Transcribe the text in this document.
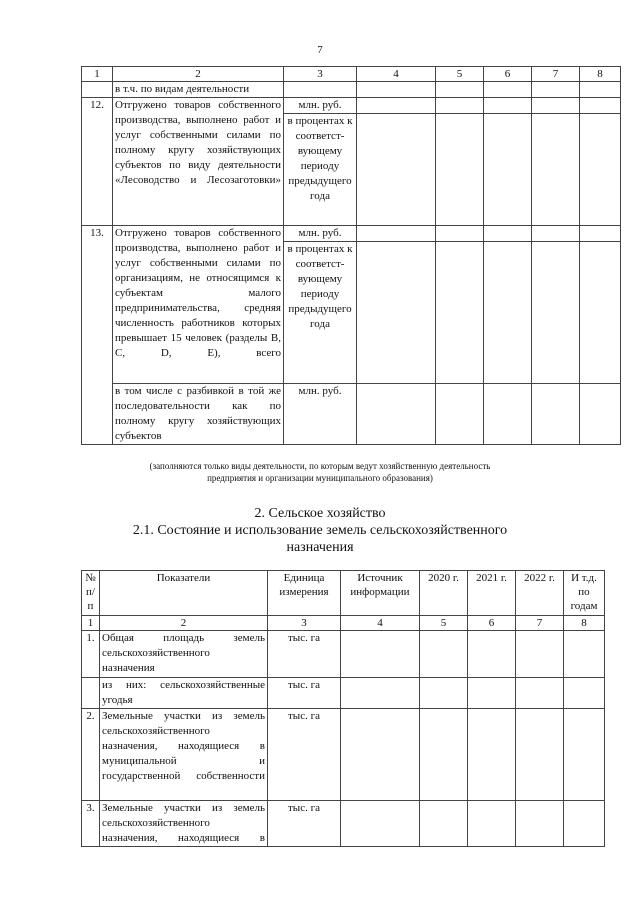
7
1	2	3	4	5	6	7	8
	в т.ч. по видам деятельности						
12.	Отгружено товаров собственного производства, выполнено работ и услуг собственными силами по полному кругу хозяйствующих субъектов по виду деятельности «Лесоводство и Лесозаготовки»	млн. руб.					
		в процентах к соответст-вующему периоду предыдущего года					
13.	Отгружено товаров собственного производства, выполнено работ и услуг собственными силами по организациям, не относящимся к субъектам малого предпринимательства, средняя численность работников которых превышает 15 человек (разделы B, C, D, E), всего	млн. руб.					
		в процентах к соответст-вующему периоду предыдущего года					
	в том числе с разбивкой в той же последовательности как по полному кругу хозяйствующих субъектов	млн. руб.					
(заполняются только виды деятельности, по которым ведут хозяйственную деятельность
предприятия и организации муниципального образования)
2. Сельское хозяйство
2.1. Состояние и использование земель сельскохозяйственного
назначения
№ п/п	Показатели	Единица измерения	Источник информации	2020 г.	2021 г.	2022 г.	И т.д. по годам
1	2	3	4	5	6	7	8
1.	Общая площадь земель сельскохозяйственного назначения	тыс. га					
	из них: сельскохозяйственные угодья	тыс. га					
2.	Земельные участки из земель сельскохозяйственного назначения, находящиеся в муниципальной и государственной собственности	тыс. га					
3.	Земельные участки из земель сельскохозяйственного назначения, находящиеся в	тыс. га					
